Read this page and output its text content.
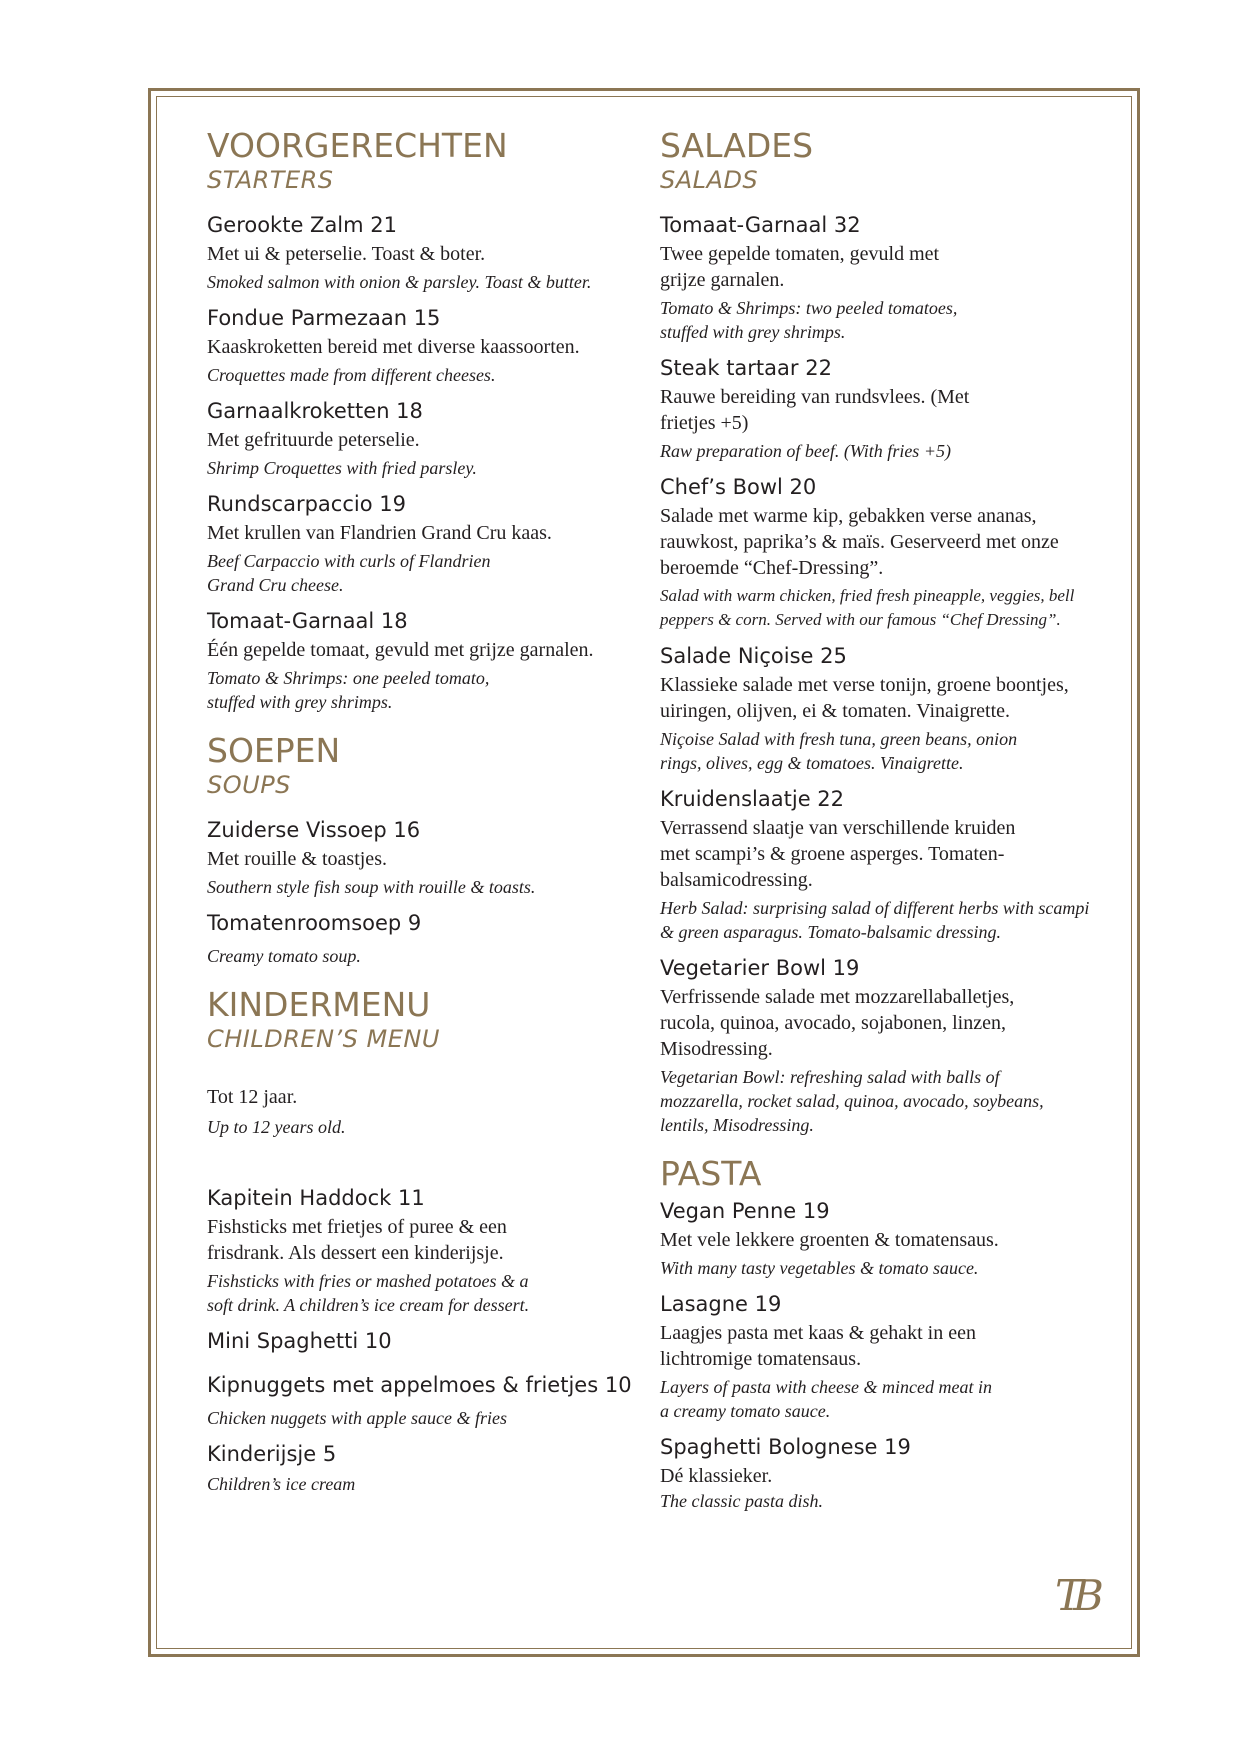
VOORGERECHTEN
STARTERS
Gerookte Zalm 21
Met ui & peterselie. Toast & boter.
Smoked salmon with onion & parsley. Toast & butter.
Fondue Parmezaan 15
Kaaskroketten bereid met diverse kaassoorten.
Croquettes made from different cheeses.
Garnaalkroketten 18
Met gefrituurde peterselie.
Shrimp Croquettes with fried parsley.
Rundscarpaccio 19
Met krullen van Flandrien Grand Cru kaas.
Beef Carpaccio with curls of Flandrien Grand Cru cheese.
Tomaat-Garnaal 18
Één gepelde tomaat, gevuld met grijze garnalen.
Tomato & Shrimps: one peeled tomato, stuffed with grey shrimps.
SOEPEN
SOUPS
Zuiderse Vissoep 16
Met rouille & toastjes.
Southern style fish soup with rouille & toasts.
Tomatenroomsoep 9
Creamy tomato soup.
KINDERMENU
CHILDREN’S MENU
Tot 12 jaar.
Up to 12 years old.
Kapitein Haddock 11
Fishsticks met frietjes of puree & een frisdrank. Als dessert een kinderijsje.
Fishsticks with fries or mashed potatoes & a soft drink. A children’s ice cream for dessert.
Mini Spaghetti 10
Kipnuggets met appelmoes & frietjes 10
Chicken nuggets with apple sauce & fries
Kinderijsje 5
Children’s ice cream
SALADES
SALADS
Tomaat-Garnaal 32
Twee gepelde tomaten, gevuld met grijze garnalen.
Tomato & Shrimps: two peeled tomatoes, stuffed with grey shrimps.
Steak tartaar 22
Rauwe bereiding van rundsvlees. (Met frietjes +5)
Raw preparation of beef. (With fries +5)
Chef’s Bowl 20
Salade met warme kip, gebakken verse ananas, rauwkost, paprika’s & maïs. Geserveerd met onze beroemde “Chef-Dressing”.
Salad with warm chicken, fried fresh pineapple, veggies, bell peppers & corn. Served with our famous “Chef Dressing”.
Salade Niçoise 25
Klassieke salade met verse tonijn, groene boontjes, uiringen, olijven, ei & tomaten. Vinaigrette.
Niçoise Salad with fresh tuna, green beans, onion rings, olives, egg & tomatoes. Vinaigrette.
Kruidenslaatje 22
Verrassend slaatje van verschillende kruiden met scampi’s & groene asperges. Tomaten-balsamicodressing.
Herb Salad: surprising salad of different herbs with scampi & green asparagus. Tomato-balsamic dressing.
Vegetarier Bowl 19
Verfrissende salade met mozzarellaballetjes, rucola, quinoa, avocado, sojabonen, linzen, Misodressing.
Vegetarian Bowl: refreshing salad with balls of mozzarella, rocket salad, quinoa, avocado, soybeans, lentils, Misodressing.
PASTA
Vegan Penne 19
Met vele lekkere groenten & tomatensaus.
With many tasty vegetables & tomato sauce.
Lasagne 19
Laagjes pasta met kaas & gehakt in een lichtromige tomatensaus.
Layers of pasta with cheese & minced meat in a creamy tomato sauce.
Spaghetti Bolognese 19
Dé klassieker.
The classic pasta dish.
TB
